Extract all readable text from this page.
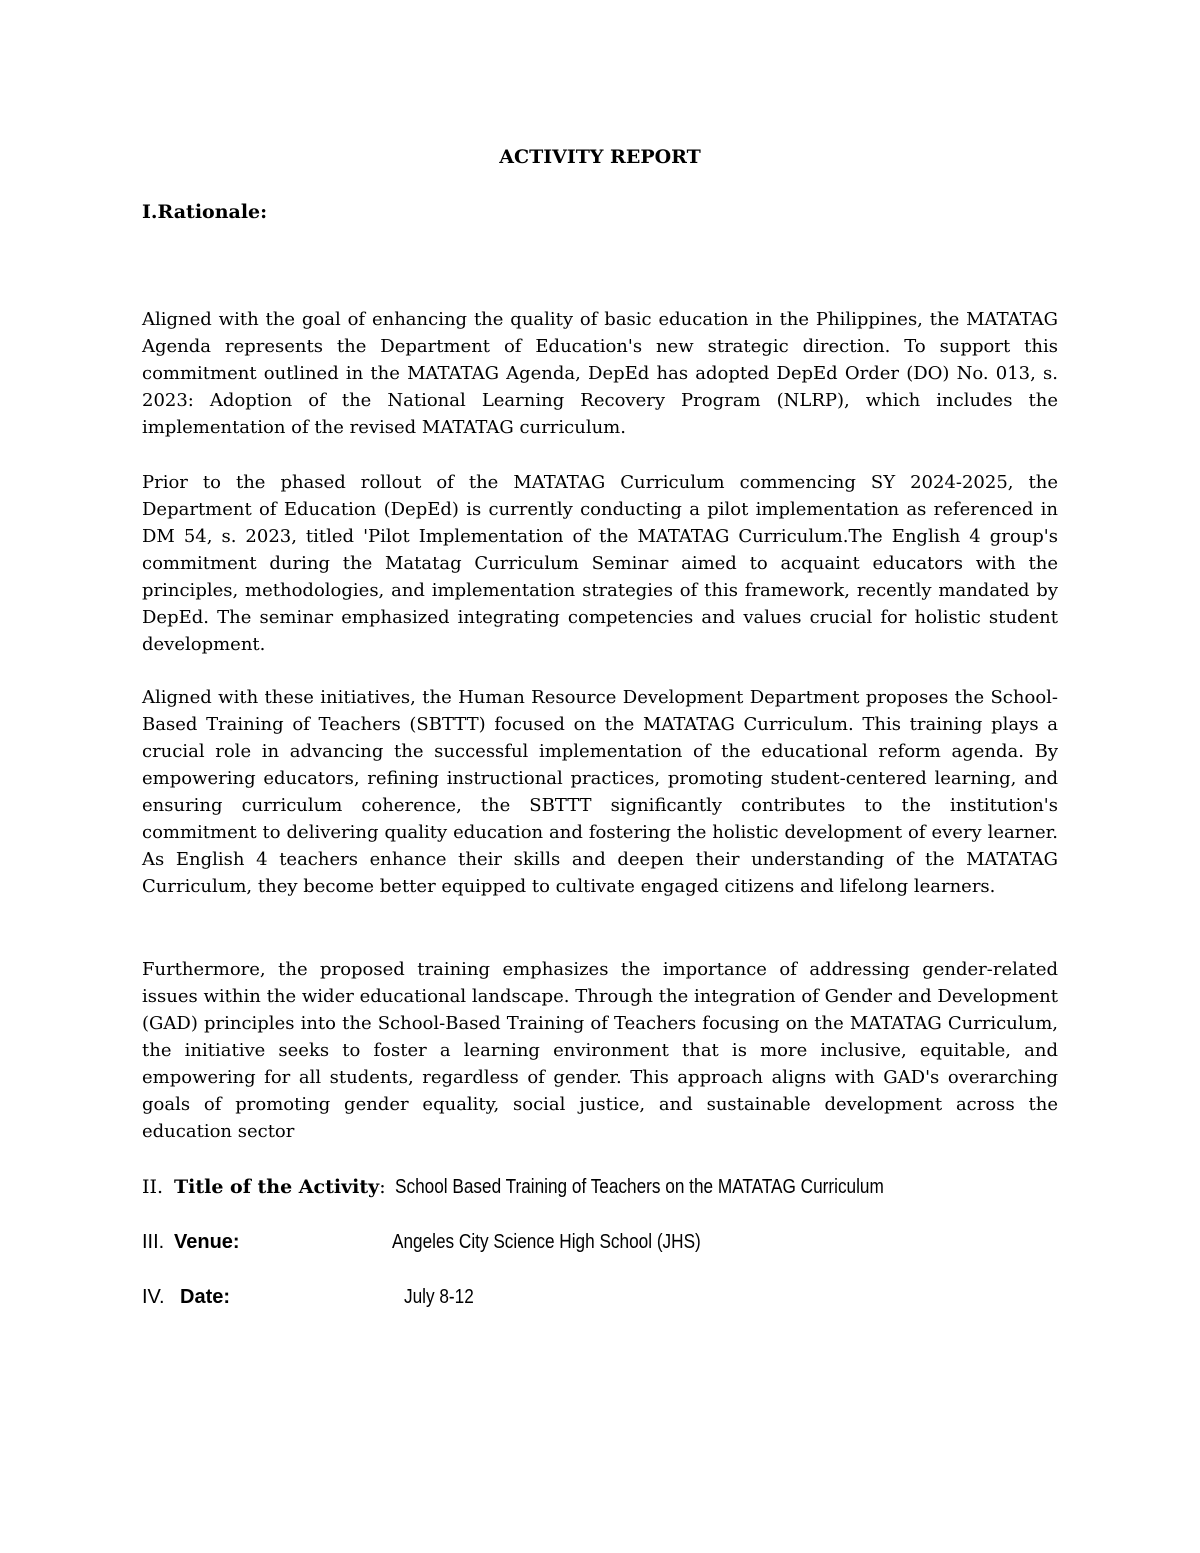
ACTIVITY REPORT
I.Rationale:

Aligned with the goal of enhancing the quality of basic education in the Philippines, the MATATAG Agenda represents the Department of Education's new strategic direction. To support this commitment outlined in the MATATAG Agenda, DepEd has adopted DepEd Order (DO) No. 013, s. 2023: Adoption of the National Learning Recovery Program (NLRP), which includes the implementation of the revised MATATAG curriculum.

Prior to the phased rollout of the MATATAG Curriculum commencing SY 2024-2025, the Department of Education (DepEd) is currently conducting a pilot implementation as referenced in DM 54, s. 2023, titled 'Pilot Implementation of the MATATAG Curriculum.The English 4 group's commitment during the Matatag Curriculum Seminar aimed to acquaint educators with the principles, methodologies, and implementation strategies of this framework, recently mandated by DepEd. The seminar emphasized integrating competencies and values crucial for holistic student development.

Aligned with these initiatives, the Human Resource Development Department proposes the School-Based Training of Teachers (SBTTT) focused on the MATATAG Curriculum. This training plays a crucial role in advancing the successful implementation of the educational reform agenda. By empowering educators, refining instructional practices, promoting student-centered learning, and ensuring curriculum coherence, the SBTTT significantly contributes to the institution's commitment to delivering quality education and fostering the holistic development of every learner. As English 4 teachers enhance their skills and deepen their understanding of the MATATAG Curriculum, they become better equipped to cultivate engaged citizens and lifelong learners.

Furthermore, the proposed training emphasizes the importance of addressing gender-related issues within the wider educational landscape. Through the integration of Gender and Development (GAD) principles into the School-Based Training of Teachers focusing on the MATATAG Curriculum, the initiative seeks to foster a learning environment that is more inclusive, equitable, and empowering for all students, regardless of gender. This approach aligns with GAD's overarching goals of promoting gender equality, social justice, and sustainable development across the education sector

II. Title of the Activity: School Based Training of Teachers on the MATATAG Curriculum
III. Venue:	Angeles City Science High School (JHS)
IV. Date:	July 8-12
